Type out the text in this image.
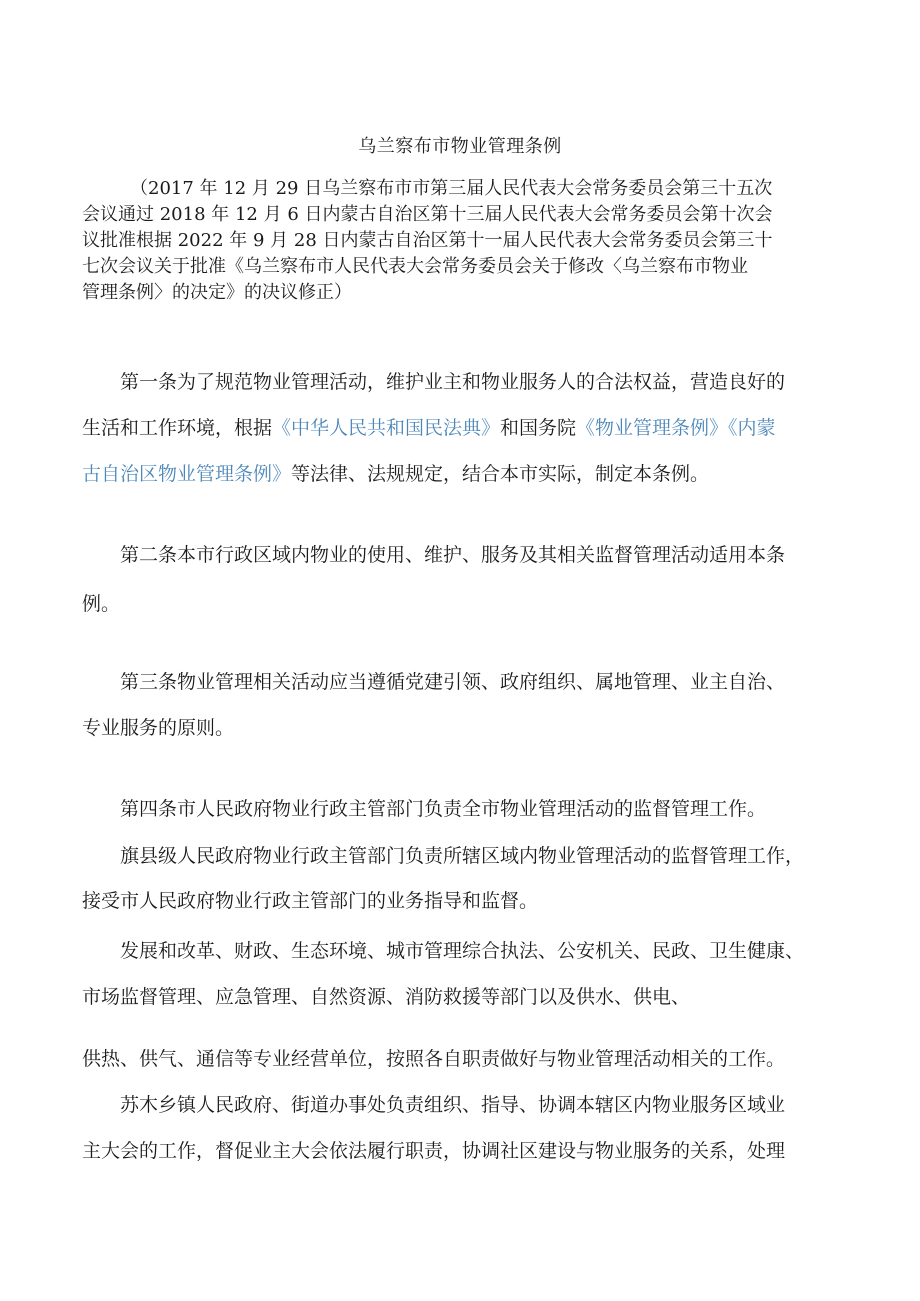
乌兰察布市物业管理条例
（2017 年 12 月 29 日乌兰察布市市第三届人民代表大会常务委员会第三十五次
会议通过 2018 年 12 月 6 日内蒙古自治区第十三届人民代表大会常务委员会第十次会
议批准根据 2022 年 9 月 28 日内蒙古自治区第十一届人民代表大会常务委员会第三十
七次会议关于批准《乌兰察布市人民代表大会常务委员会关于修改〈乌兰察布市物业
管理条例〉的决定》的决议修正）
第一条为了规范物业管理活动，维护业主和物业服务人的合法权益，营造良好的
生活和工作环境，根据《中华人民共和国民法典》和国务院《物业管理条例》《内蒙
古自治区物业管理条例》等法律、法规规定，结合本市实际，制定本条例。
第二条本市行政区域内物业的使用、维护、服务及其相关监督管理活动适用本条
例。
第三条物业管理相关活动应当遵循党建引领、政府组织、属地管理、业主自治、
专业服务的原则。
第四条市人民政府物业行政主管部门负责全市物业管理活动的监督管理工作。
旗县级人民政府物业行政主管部门负责所辖区域内物业管理活动的监督管理工作，
接受市人民政府物业行政主管部门的业务指导和监督。
发展和改革、财政、生态环境、城市管理综合执法、公安机关、民政、卫生健康、
市场监督管理、应急管理、自然资源、消防救援等部门以及供水、供电、
供热、供气、通信等专业经营单位，按照各自职责做好与物业管理活动相关的工作。
苏木乡镇人民政府、街道办事处负责组织、指导、协调本辖区内物业服务区域业
主大会的工作，督促业主大会依法履行职责，协调社区建设与物业服务的关系，处理
